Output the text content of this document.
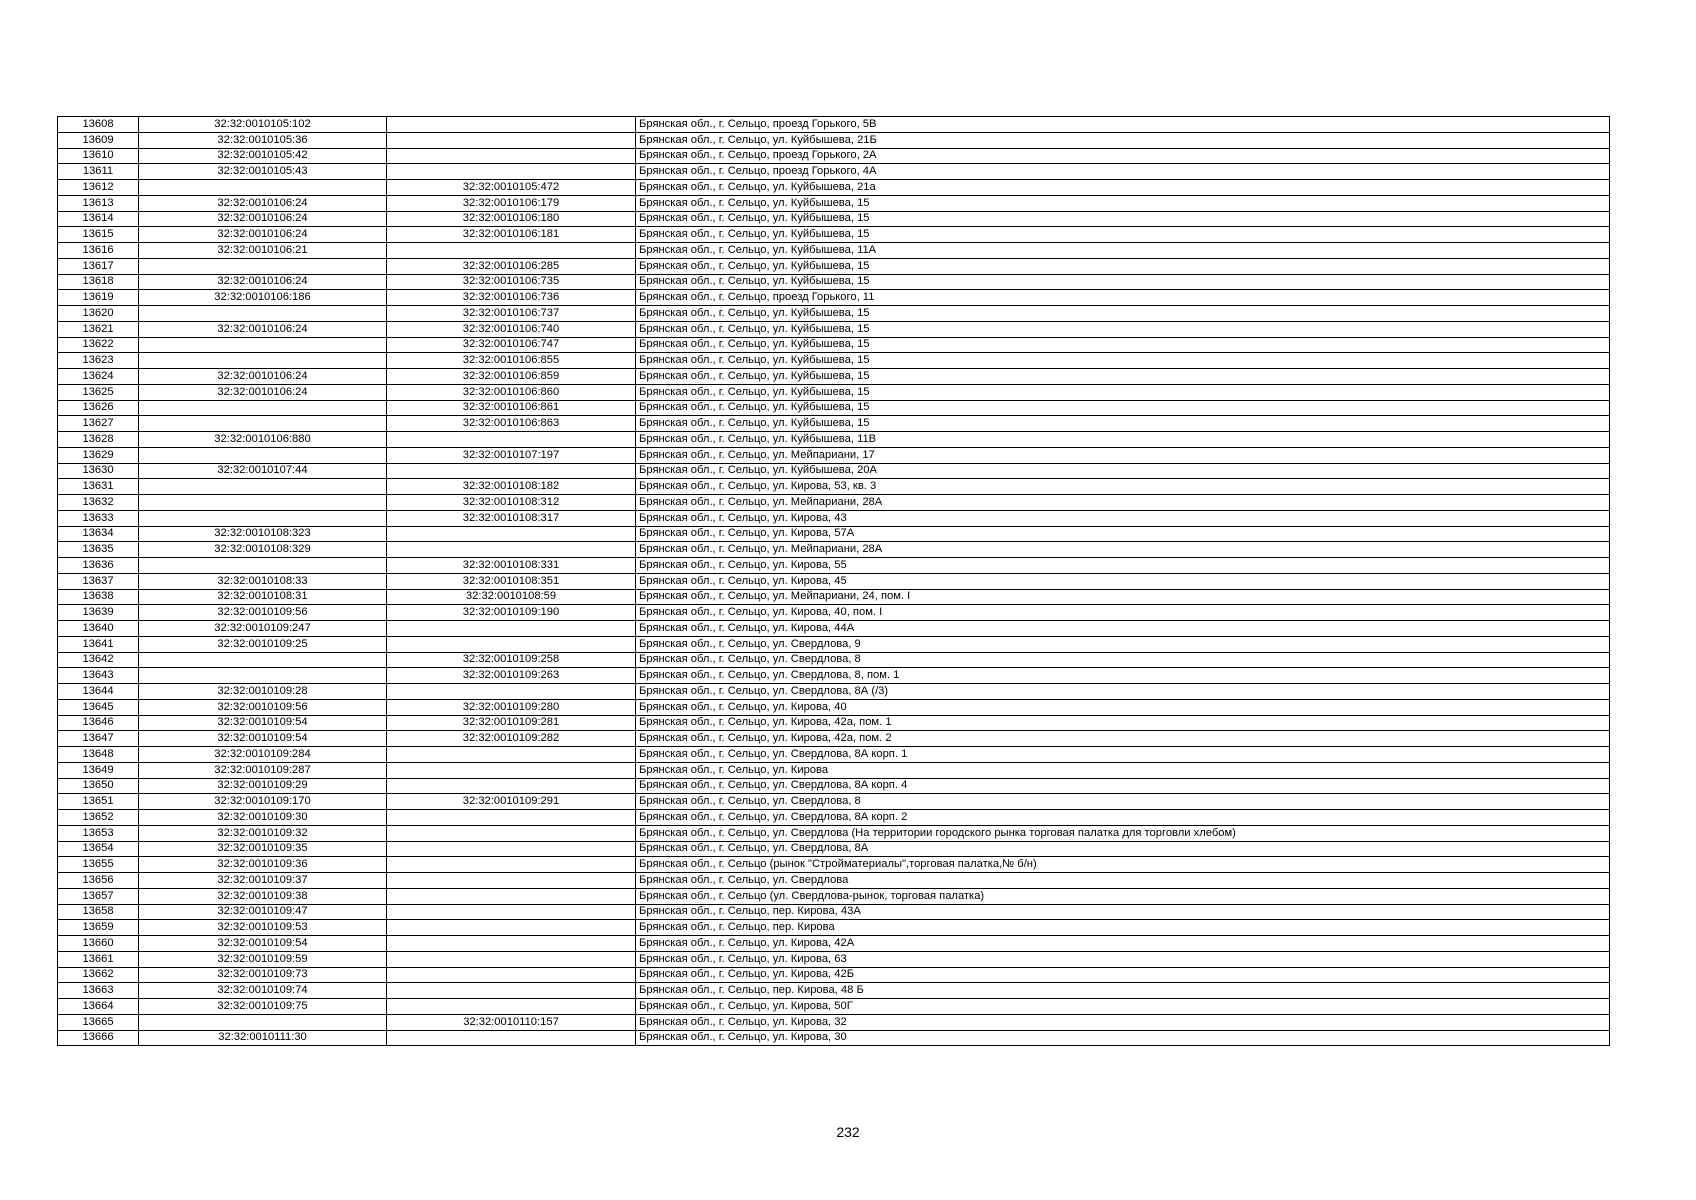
13608	32:32:0010105:102		Брянская обл., г. Сельцо, проезд Горького, 5В
13609	32:32:0010105:36		Брянская обл., г. Сельцо, ул. Куйбышева, 21Б
13610	32:32:0010105:42		Брянская обл., г. Сельцо, проезд Горького, 2А
13611	32:32:0010105:43		Брянская обл., г. Сельцо, проезд Горького, 4А
13612		32:32:0010105:472	Брянская обл., г. Сельцо, ул. Куйбышева, 21а
13613	32:32:0010106:24	32:32:0010106:179	Брянская обл., г. Сельцо, ул. Куйбышева, 15
13614	32:32:0010106:24	32:32:0010106:180	Брянская обл., г. Сельцо, ул. Куйбышева, 15
13615	32:32:0010106:24	32:32:0010106:181	Брянская обл., г. Сельцо, ул. Куйбышева, 15
13616	32:32:0010106:21		Брянская обл., г. Сельцо, ул. Куйбышева, 11А
13617		32:32:0010106:285	Брянская обл., г. Сельцо, ул. Куйбышева, 15
13618	32:32:0010106:24	32:32:0010106:735	Брянская обл., г. Сельцо, ул. Куйбышева, 15
13619	32:32:0010106:186	32:32:0010106:736	Брянская обл., г. Сельцо, проезд Горького, 11
13620		32:32:0010106:737	Брянская обл., г. Сельцо, ул. Куйбышева, 15
13621	32:32:0010106:24	32:32:0010106:740	Брянская обл., г. Сельцо, ул. Куйбышева, 15
13622		32:32:0010106:747	Брянская обл., г. Сельцо, ул. Куйбышева, 15
13623		32:32:0010106:855	Брянская обл., г. Сельцо, ул. Куйбышева, 15
13624	32:32:0010106:24	32:32:0010106:859	Брянская обл., г. Сельцо, ул. Куйбышева, 15
13625	32:32:0010106:24	32:32:0010106:860	Брянская обл., г. Сельцо, ул. Куйбышева, 15
13626		32:32:0010106:861	Брянская обл., г. Сельцо, ул. Куйбышева, 15
13627		32:32:0010106:863	Брянская обл., г. Сельцо, ул. Куйбышева, 15
13628	32:32:0010106:880		Брянская обл., г. Сельцо, ул. Куйбышева, 11В
13629		32:32:0010107:197	Брянская обл., г. Сельцо, ул. Мейпариани, 17
13630	32:32:0010107:44		Брянская обл., г. Сельцо, ул. Куйбышева, 20А
13631		32:32:0010108:182	Брянская обл., г. Сельцо, ул. Кирова, 53, кв. 3
13632		32:32:0010108:312	Брянская обл., г. Сельцо, ул. Мейпариани, 28А
13633		32:32:0010108:317	Брянская обл., г. Сельцо, ул. Кирова, 43
13634	32:32:0010108:323		Брянская обл., г. Сельцо, ул. Кирова, 57А
13635	32:32:0010108:329		Брянская обл., г. Сельцо, ул. Мейпариани, 28А
13636		32:32:0010108:331	Брянская обл., г. Сельцо, ул. Кирова, 55
13637	32:32:0010108:33	32:32:0010108:351	Брянская обл., г. Сельцо, ул. Кирова, 45
13638	32:32:0010108:31	32:32:0010108:59	Брянская обл., г. Сельцо, ул. Мейпариани, 24, пом. I
13639	32:32:0010109:56	32:32:0010109:190	Брянская обл., г. Сельцо, ул. Кирова, 40, пом. I
13640	32:32:0010109:247		Брянская обл., г. Сельцо, ул. Кирова, 44А
13641	32:32:0010109:25		Брянская обл., г. Сельцо, ул. Свердлова, 9
13642		32:32:0010109:258	Брянская обл., г. Сельцо, ул. Свердлова, 8
13643		32:32:0010109:263	Брянская обл., г. Сельцо, ул. Свердлова, 8, пом. 1
13644	32:32:0010109:28		Брянская обл., г. Сельцо, ул. Свердлова, 8А (/3)
13645	32:32:0010109:56	32:32:0010109:280	Брянская обл., г. Сельцо, ул. Кирова, 40
13646	32:32:0010109:54	32:32:0010109:281	Брянская обл., г. Сельцо, ул. Кирова, 42а, пом. 1
13647	32:32:0010109:54	32:32:0010109:282	Брянская обл., г. Сельцо, ул. Кирова, 42а, пом. 2
13648	32:32:0010109:284		Брянская обл., г. Сельцо, ул. Свердлова, 8А корп. 1
13649	32:32:0010109:287		Брянская обл., г. Сельцо, ул. Кирова
13650	32:32:0010109:29		Брянская обл., г. Сельцо, ул. Свердлова, 8А корп. 4
13651	32:32:0010109:170	32:32:0010109:291	Брянская обл., г. Сельцо, ул. Свердлова, 8
13652	32:32:0010109:30		Брянская обл., г. Сельцо, ул. Свердлова, 8А корп. 2
13653	32:32:0010109:32		Брянская обл., г. Сельцо, ул. Свердлова (На территории городского рынка торговая палатка для торговли хлебом)
13654	32:32:0010109:35		Брянская обл., г. Сельцо, ул. Свердлова, 8А
13655	32:32:0010109:36		Брянская обл., г. Сельцо (рынок "Стройматериалы",торговая палатка,№ б/н)
13656	32:32:0010109:37		Брянская обл., г. Сельцо, ул. Свердлова
13657	32:32:0010109:38		Брянская обл., г. Сельцо (ул. Свердлова-рынок, торговая палатка)
13658	32:32:0010109:47		Брянская обл., г. Сельцо, пер. Кирова, 43А
13659	32:32:0010109:53		Брянская обл., г. Сельцо, пер. Кирова
13660	32:32:0010109:54		Брянская обл., г. Сельцо, ул. Кирова, 42А
13661	32:32:0010109:59		Брянская обл., г. Сельцо, ул. Кирова, 63
13662	32:32:0010109:73		Брянская обл., г. Сельцо, ул. Кирова, 42Б
13663	32:32:0010109:74		Брянская обл., г. Сельцо, пер. Кирова, 48 Б
13664	32:32:0010109:75		Брянская обл., г. Сельцо, ул. Кирова, 50Г
13665		32:32:0010110:157	Брянская обл., г. Сельцо, ул. Кирова, 32
13666	32:32:0010111:30		Брянская обл., г. Сельцо, ул. Кирова, 30
232
